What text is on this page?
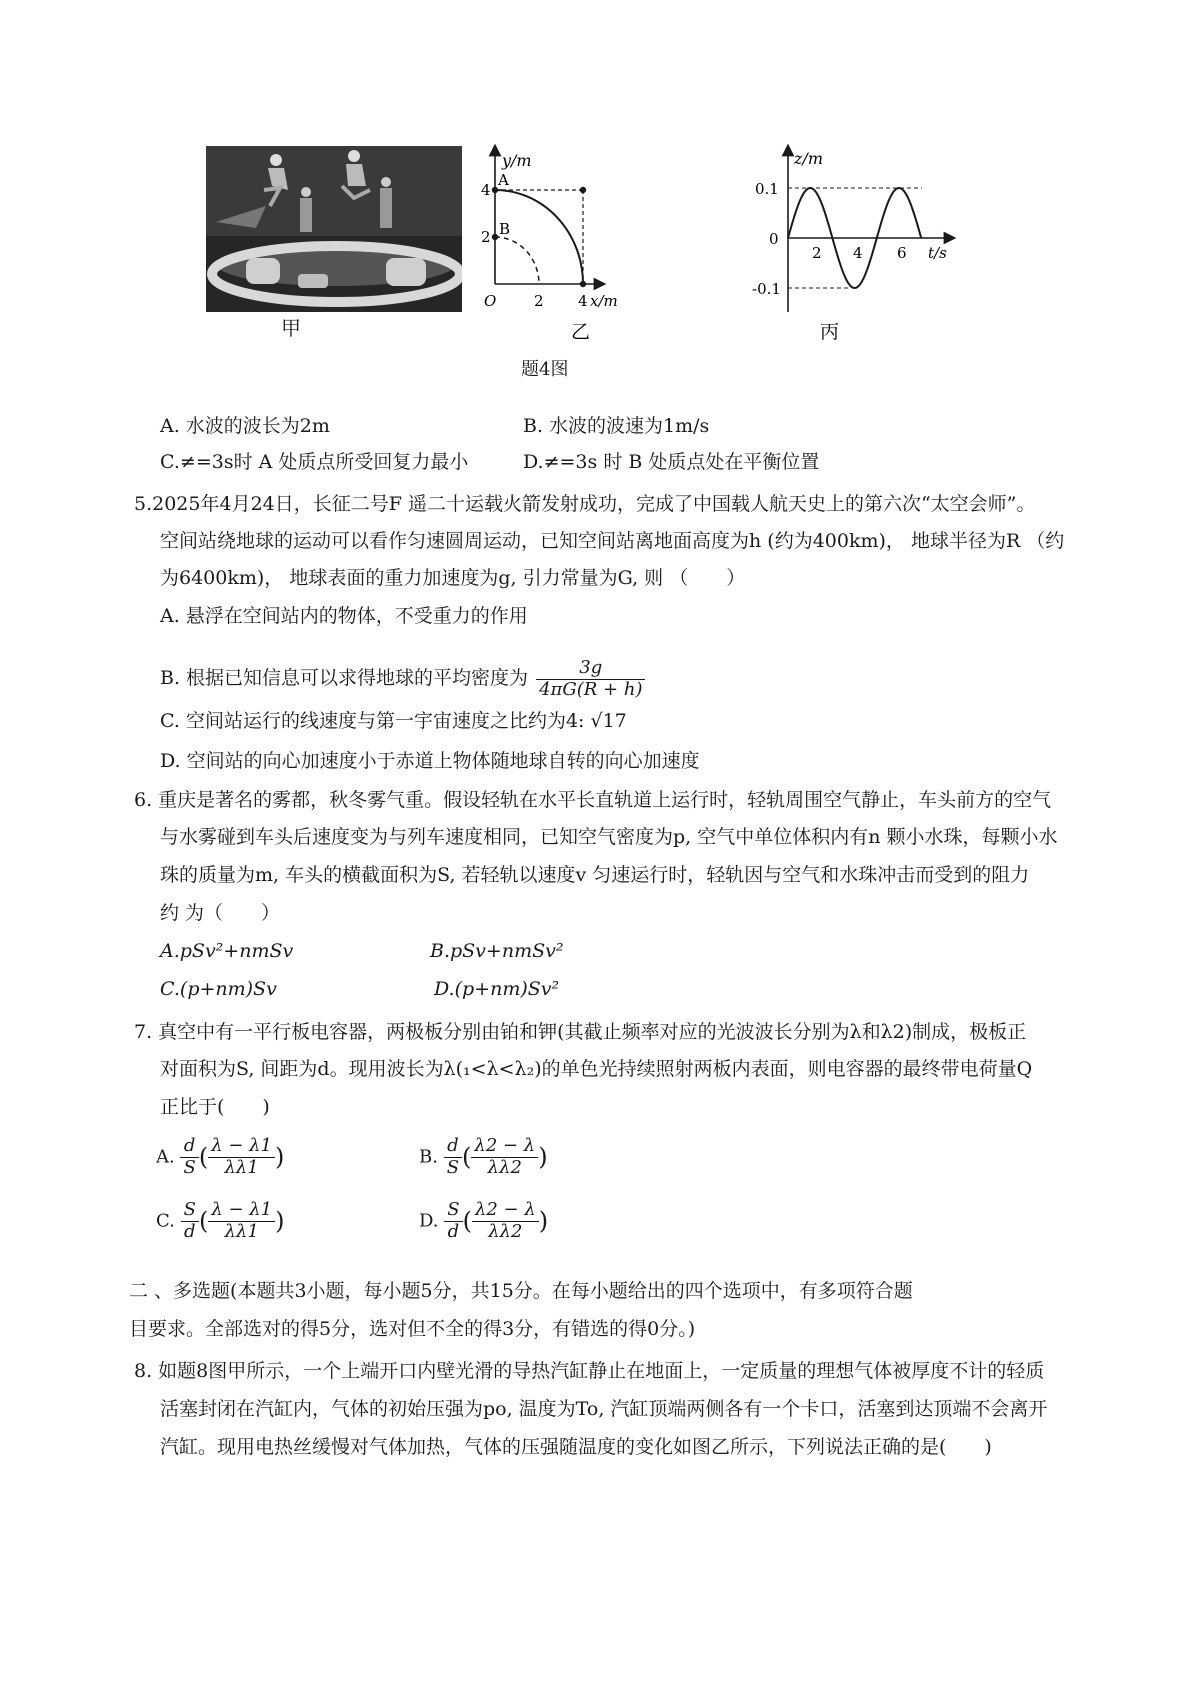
甲
y/m
A
B
4
2
O	2 4 x/m
乙
z/m
0.1
0
-0.1
2 4 6 t/s
丙
题4图
A. 水波的波长为2m	B. 水波的波速为1m/s
C.≠=3s时 A 处质点所受回复力最小	D.≠=3s 时 B 处质点处在平衡位置
5.2025年4月24日，长征二号F 遥二十运载火箭发射成功，完成了中国载人航天史上的第六次“太空会师”。
空间站绕地球的运动可以看作匀速圆周运动，已知空间站离地面高度为h (约为400km)， 地球半径为R （约
为6400km)， 地球表面的重力加速度为g, 引力常量为G, 则 （　　）
A. 悬浮在空间站内的物体，不受重力的作用
B. 根据已知信息可以求得地球的平均密度为 $\frac{3g}{4\pi G(R + h)}$
C. 空间站运行的线速度与第一宇宙速度之比约为4: √17
D. 空间站的向心加速度小于赤道上物体随地球自转的向心加速度
6. 重庆是著名的雾都，秋冬雾气重。假设轻轨在水平长直轨道上运行时，轻轨周围空气静止，车头前方的空气
与水雾碰到车头后速度变为与列车速度相同，已知空气密度为p, 空气中单位体积内有n 颗小水珠，每颗小水
珠的质量为m, 车头的横截面积为S, 若轻轨以速度v 匀速运行时，轻轨因与空气和水珠冲击而受到的阻力
约 为（　　）
A.pSv²+nmSv	B.pSv+nmSv²
C.(p+nm)Sv	D.(p+nm)Sv²
7. 真空中有一平行板电容器，两极板分别由铂和钾(其截止频率对应的光波波长分别为λ和λ2)制成，极板正
对面积为S, 间距为d。现用波长为λ(₁<λ<λ₂)的单色光持续照射两板内表面，则电容器的最终带电荷量Q
正比于(　　)
A. $\frac{d}{S}$ ( $\frac{\lambda - \lambda 1}{\lambda\lambda 1}$ )	B. $\frac{d}{S}$ ( $\frac{\lambda 2 - \lambda}{\lambda\lambda 2}$ )
C. $\frac{S}{d}$ ( $\frac{\lambda - \lambda 1}{\lambda\lambda 1}$ )	D. $\frac{S}{d}$ ( $\frac{\lambda 2 - \lambda}{\lambda\lambda 2}$ )
二 、多选题(本题共3小题，每小题5分，共15分。在每小题给出的四个选项中，有多项符合题
目要求。全部选对的得5分，选对但不全的得3分，有错选的得0分。)
8. 如题8图甲所示，一个上端开口内壁光滑的导热汽缸静止在地面上，一定质量的理想气体被厚度不计的轻质
活塞封闭在汽缸内，气体的初始压强为po, 温度为To, 汽缸顶端两侧各有一个卡口，活塞到达顶端不会离开
汽缸。现用电热丝缓慢对气体加热，气体的压强随温度的变化如图乙所示，下列说法正确的是(　　)
